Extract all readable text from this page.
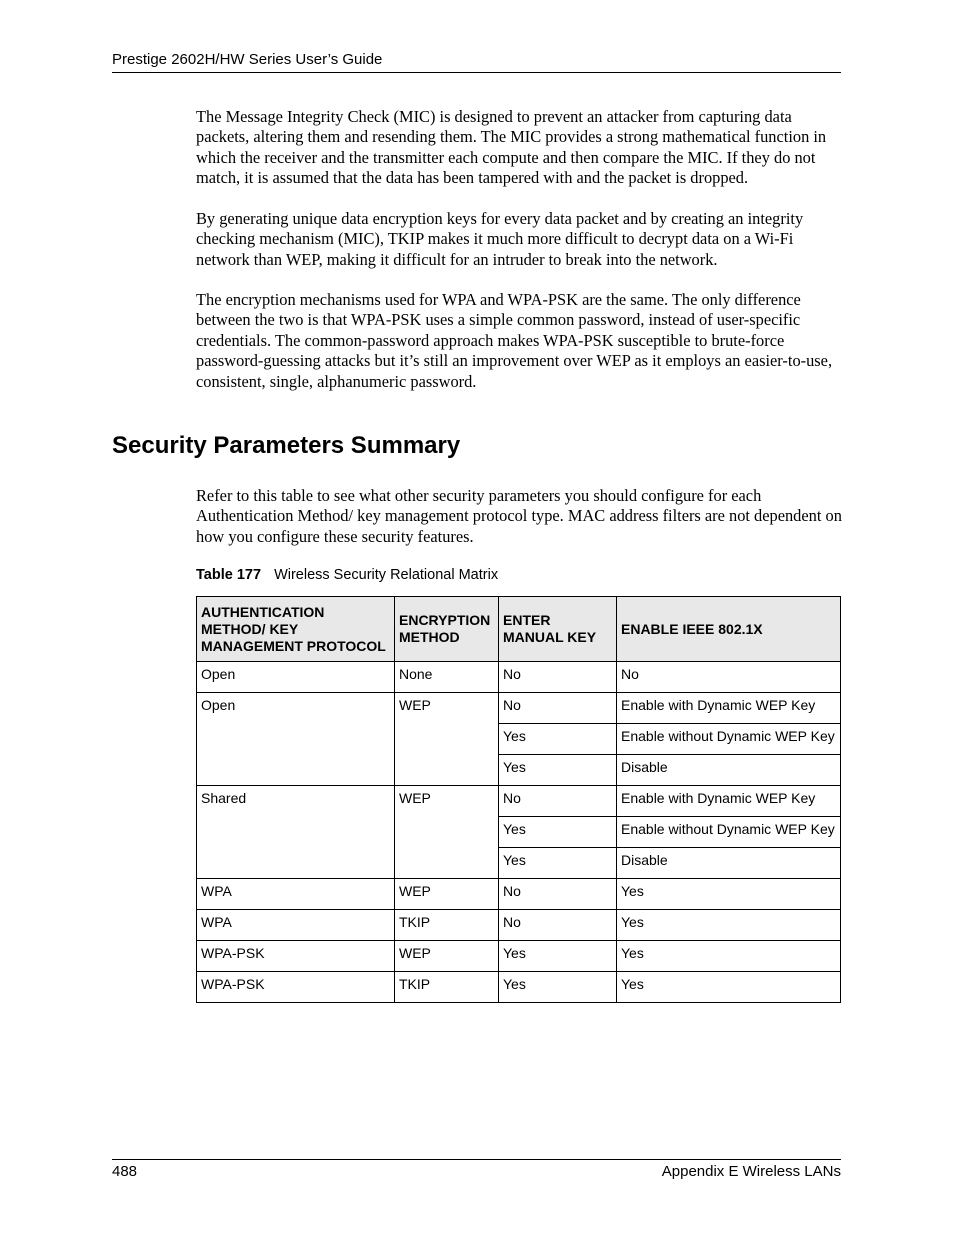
Prestige 2602H/HW Series User’s Guide

The Message Integrity Check (MIC) is designed to prevent an attacker from capturing data packets, altering them and resending them. The MIC provides a strong mathematical function in which the receiver and the transmitter each compute and then compare the MIC. If they do not match, it is assumed that the data has been tampered with and the packet is dropped.

By generating unique data encryption keys for every data packet and by creating an integrity checking mechanism (MIC), TKIP makes it much more difficult to decrypt data on a Wi-Fi network than WEP, making it difficult for an intruder to break into the network.

The encryption mechanisms used for WPA and WPA-PSK are the same. The only difference between the two is that WPA-PSK uses a simple common password, instead of user-specific credentials. The common-password approach makes WPA-PSK susceptible to brute-force password-guessing attacks but it’s still an improvement over WEP as it employs an easier-to-use, consistent, single, alphanumeric password.

Security Parameters Summary

Refer to this table to see what other security parameters you should configure for each Authentication Method/ key management protocol type. MAC address filters are not dependent on how you configure these security features.

Table 177 Wireless Security Relational Matrix
AUTHENTICATION METHOD/ KEY MANAGEMENT PROTOCOL	ENCRYPTION METHOD	ENTER MANUAL KEY	ENABLE IEEE 802.1X
Open	None	No	No
Open	WEP	No	Enable with Dynamic WEP Key
		Yes	Enable without Dynamic WEP Key
		Yes	Disable
Shared	WEP	No	Enable with Dynamic WEP Key
		Yes	Enable without Dynamic WEP Key
		Yes	Disable
WPA	WEP	No	Yes
WPA	TKIP	No	Yes
WPA-PSK	WEP	Yes	Yes
WPA-PSK	TKIP	Yes	Yes
488	Appendix E Wireless LANs
